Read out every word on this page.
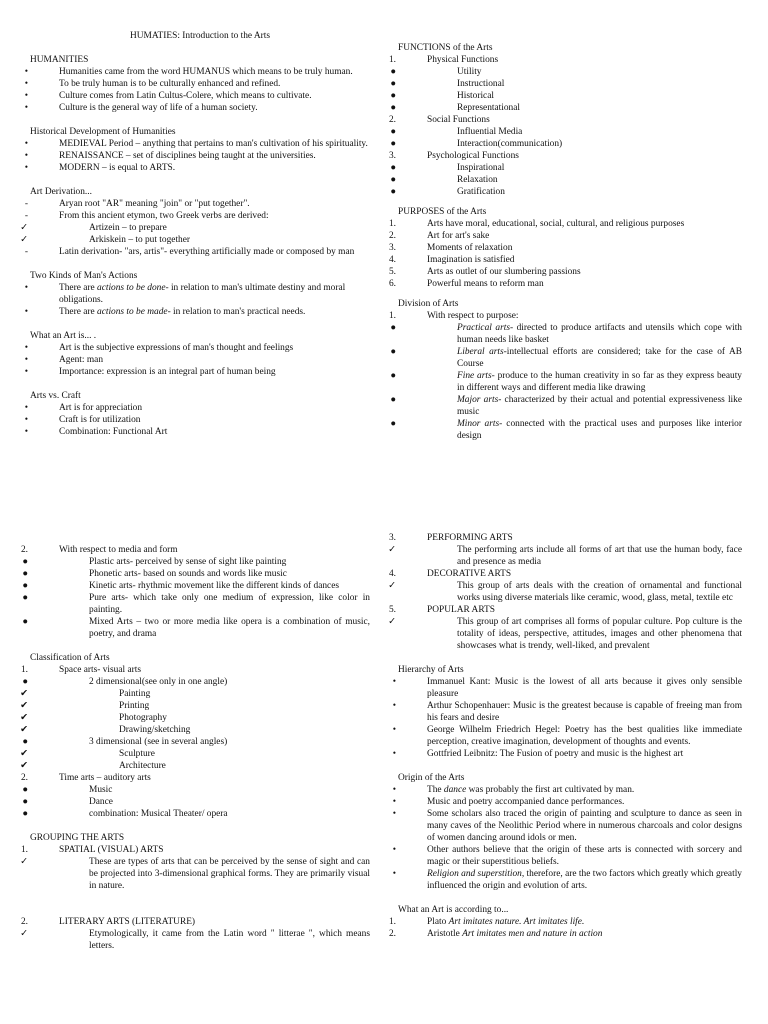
HUMATIES: Introduction to the Arts
HUMANITIES
•	Humanities came from the word HUMANUS which means to be truly human.
•	To be truly human is to be culturally enhanced and refined.
•	Culture comes from Latin Cultus-Colere, which means to cultivate.
•	Culture is the general way of life of a human society.
Historical Development of Humanities
•	MEDIEVAL Period – anything that pertains to man's cultivation of his spirituality.
•	RENAISSANCE – set of disciplines being taught at the universities.
•	MODERN – is equal to ARTS.
Art Derivation...
-	Aryan root "AR" meaning "join" or "put together".
-	From this ancient etymon, two Greek verbs are derived:
✓	Artizein – to prepare
✓	Arkiskein – to put together
-	Latin derivation- "ars, artis"- everything artificially made or composed by man
Two Kinds of Man's Actions
•	There are actions to be done- in relation to man's ultimate destiny and moral obligations.
•	There are actions to be made- in relation to man's practical needs.
What an Art is... .
•	Art is the subjective expressions of man's thought and feelings
•	Agent: man
•	Importance: expression is an integral part of human being
Arts vs. Craft
•	Art is for appreciation
•	Craft is for utilization
•	Combination: Functional Art
FUNCTIONS of the Arts
1.	Physical Functions
●	Utility
●	Instructional
●	Historical
●	Representational
2.	Social Functions
●	Influential Media
●	Interaction(communication)
3.	Psychological Functions
●	Inspirational
●	Relaxation
●	Gratification
PURPOSES of the Arts
1.	Arts have moral, educational, social, cultural, and religious purposes
2.	Art for art's sake
3.	Moments of relaxation
4.	Imagination is satisfied
5.	Arts as outlet of our slumbering passions
6.	Powerful means to reform man
Division of Arts
1.	With respect to purpose:
●	Practical arts- directed to produce artifacts and utensils which cope with human needs like basket
●	Liberal arts-intellectual efforts are considered; take for the case of AB Course
●	Fine arts- produce to the human creativity in so far as they express beauty in different ways and different media like drawing
●	Major arts- characterized by their actual and potential expressiveness like music
●	Minor arts- connected with the practical uses and purposes like interior design
2.	With respect to media and form
●	Plastic arts- perceived by sense of sight like painting
●	Phonetic arts- based on sounds and words like music
●	Kinetic arts- rhythmic movement like the different kinds of dances
●	Pure arts- which take only one medium of expression, like color in painting.
●	Mixed Arts – two or more media like opera is a combination of music, poetry, and drama
Classification of Arts
1.	Space arts- visual arts
●	2 dimensional(see only in one angle)
✔	Painting
✔	Printing
✔	Photography
✔	Drawing/sketching
●	3 dimensional (see in several angles)
✔	Sculpture
✔	Architecture
2.	Time arts – auditory arts
●	Music
●	Dance
●	combination: Musical Theater/ opera
GROUPING THE ARTS
1.	SPATIAL (VISUAL) ARTS
✓	These are types of arts that can be perceived by the sense of sight and can be projected into 3-dimensional graphical forms. They are primarily visual in nature.
2.	LITERARY ARTS (LITERATURE)
✓	Etymologically, it came from the Latin word " litterae ", which means letters.
3.	PERFORMING ARTS
✓	The performing arts include all forms of art that use the human body, face and presence as media
4.	DECORATIVE ARTS
✓	This group of arts deals with the creation of ornamental and functional works using diverse materials like ceramic, wood, glass, metal, textile etc
5.	POPULAR ARTS
✓	This group of art comprises all forms of popular culture. Pop culture is the totality of ideas, perspective, attitudes, images and other phenomena that showcases what is trendy, well-liked, and prevalent
Hierarchy of Arts
•	Immanuel Kant: Music is the lowest of all arts because it gives only sensible pleasure
•	Arthur Schopenhauer: Music is the greatest because is capable of freeing man from his fears and desire
•	George Wilhelm Friedrich Hegel: Poetry has the best qualities like immediate perception, creative imagination, development of thoughts and events.
•	Gottfried Leibnitz: The Fusion of poetry and music is the highest art
Origin of the Arts
•	The dance was probably the first art cultivated by man.
•	Music and poetry accompanied dance performances.
•	Some scholars also traced the origin of painting and sculpture to dance as seen in many caves of the Neolithic Period where in numerous charcoals and color designs of women dancing around idols or men.
•	Other authors believe that the origin of these arts is connected with sorcery and magic or their superstitious beliefs.
•	Religion and superstition, therefore, are the two factors which greatly which greatly influenced the origin and evolution of arts.
What an Art is according to...
1.	Plato Art imitates nature. Art imitates life.
2.	Aristotle Art imitates men and nature in action
